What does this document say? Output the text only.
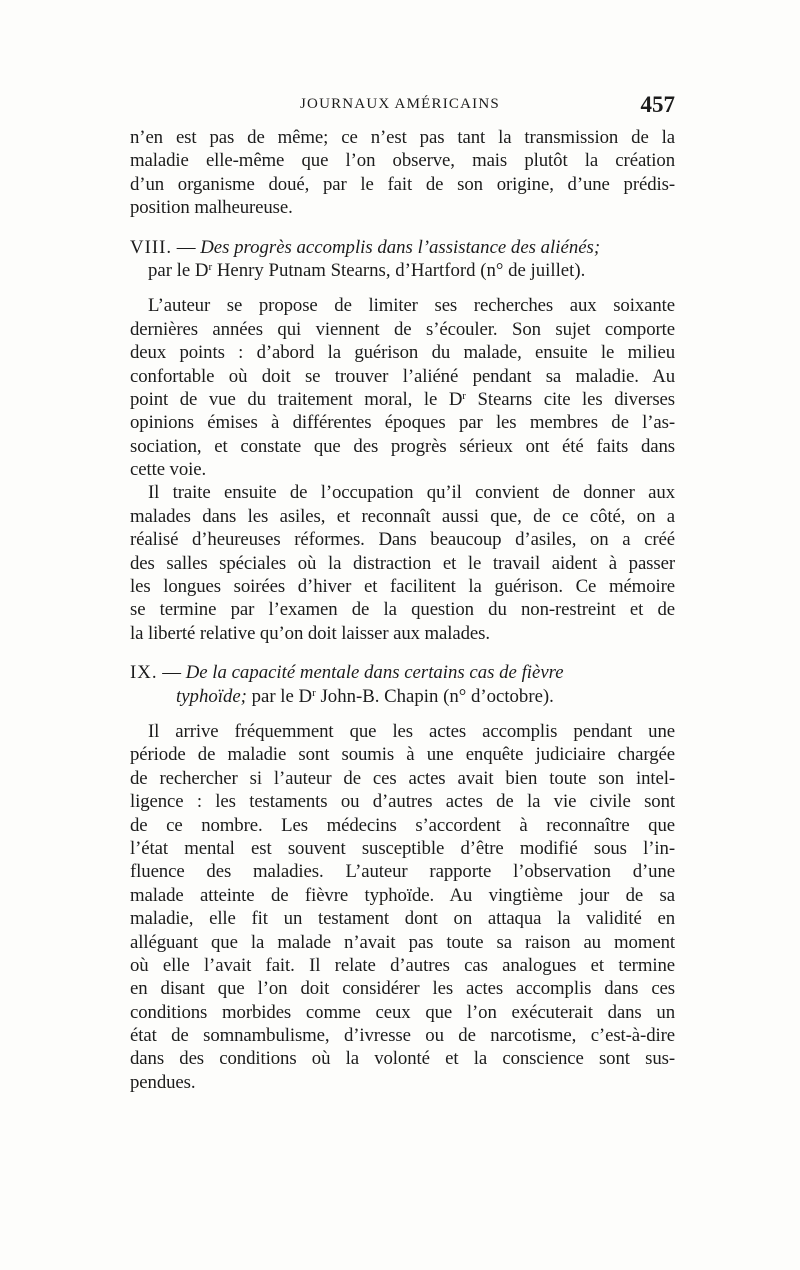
JOURNAUX AMÉRICAINS	457
n’en est pas de même; ce n’est pas tant la transmission de la
maladie elle-même que l’on observe, mais plutôt la création
d’un organisme doué, par le fait de son origine, d’une prédis-
position malheureuse.
VIII. — Des progrès accomplis dans l’assistance des aliénés;
par le $D^r$ Henry Putnam Stearns, d’Hartford (n° de juillet).
L’auteur se propose de limiter ses recherches aux soixante
dernières années qui viennent de s’écouler. Son sujet comporte
deux points : d’abord la guérison du malade, ensuite le milieu
confortable où doit se trouver l’aliéné pendant sa maladie. Au
point de vue du traitement moral, le $D^r$ Stearns cite les diverses
opinions émises à différentes époques par les membres de l’as-
sociation, et constate que des progrès sérieux ont été faits dans
cette voie.
Il traite ensuite de l’occupation qu’il convient de donner aux
malades dans les asiles, et reconnaît aussi que, de ce côté, on a
réalisé d’heureuses réformes. Dans beaucoup d’asiles, on a créé
des salles spéciales où la distraction et le travail aident à passer
les longues soirées d’hiver et facilitent la guérison. Ce mémoire
se termine par l’examen de la question du non-restreint et de
la liberté relative qu’on doit laisser aux malades.
IX. — De la capacité mentale dans certains cas de fièvre
typhoïde; par le $D^r$ John-B. Chapin (n° d’octobre).
Il arrive fréquemment que les actes accomplis pendant une
période de maladie sont soumis à une enquête judiciaire chargée
de rechercher si l’auteur de ces actes avait bien toute son intel-
ligence : les testaments ou d’autres actes de la vie civile sont
de ce nombre. Les médecins s’accordent à reconnaître que
l’état mental est souvent susceptible d’être modifié sous l’in-
fluence des maladies. L’auteur rapporte l’observation d’une
malade atteinte de fièvre typhoïde. Au vingtième jour de sa
maladie, elle fit un testament dont on attaqua la validité en
alléguant que la malade n’avait pas toute sa raison au moment
où elle l’avait fait. Il relate d’autres cas analogues et termine
en disant que l’on doit considérer les actes accomplis dans ces
conditions morbides comme ceux que l’on exécuterait dans un
état de somnambulisme, d’ivresse ou de narcotisme, c’est-à-dire
dans des conditions où la volonté et la conscience sont sus-
pendues.
